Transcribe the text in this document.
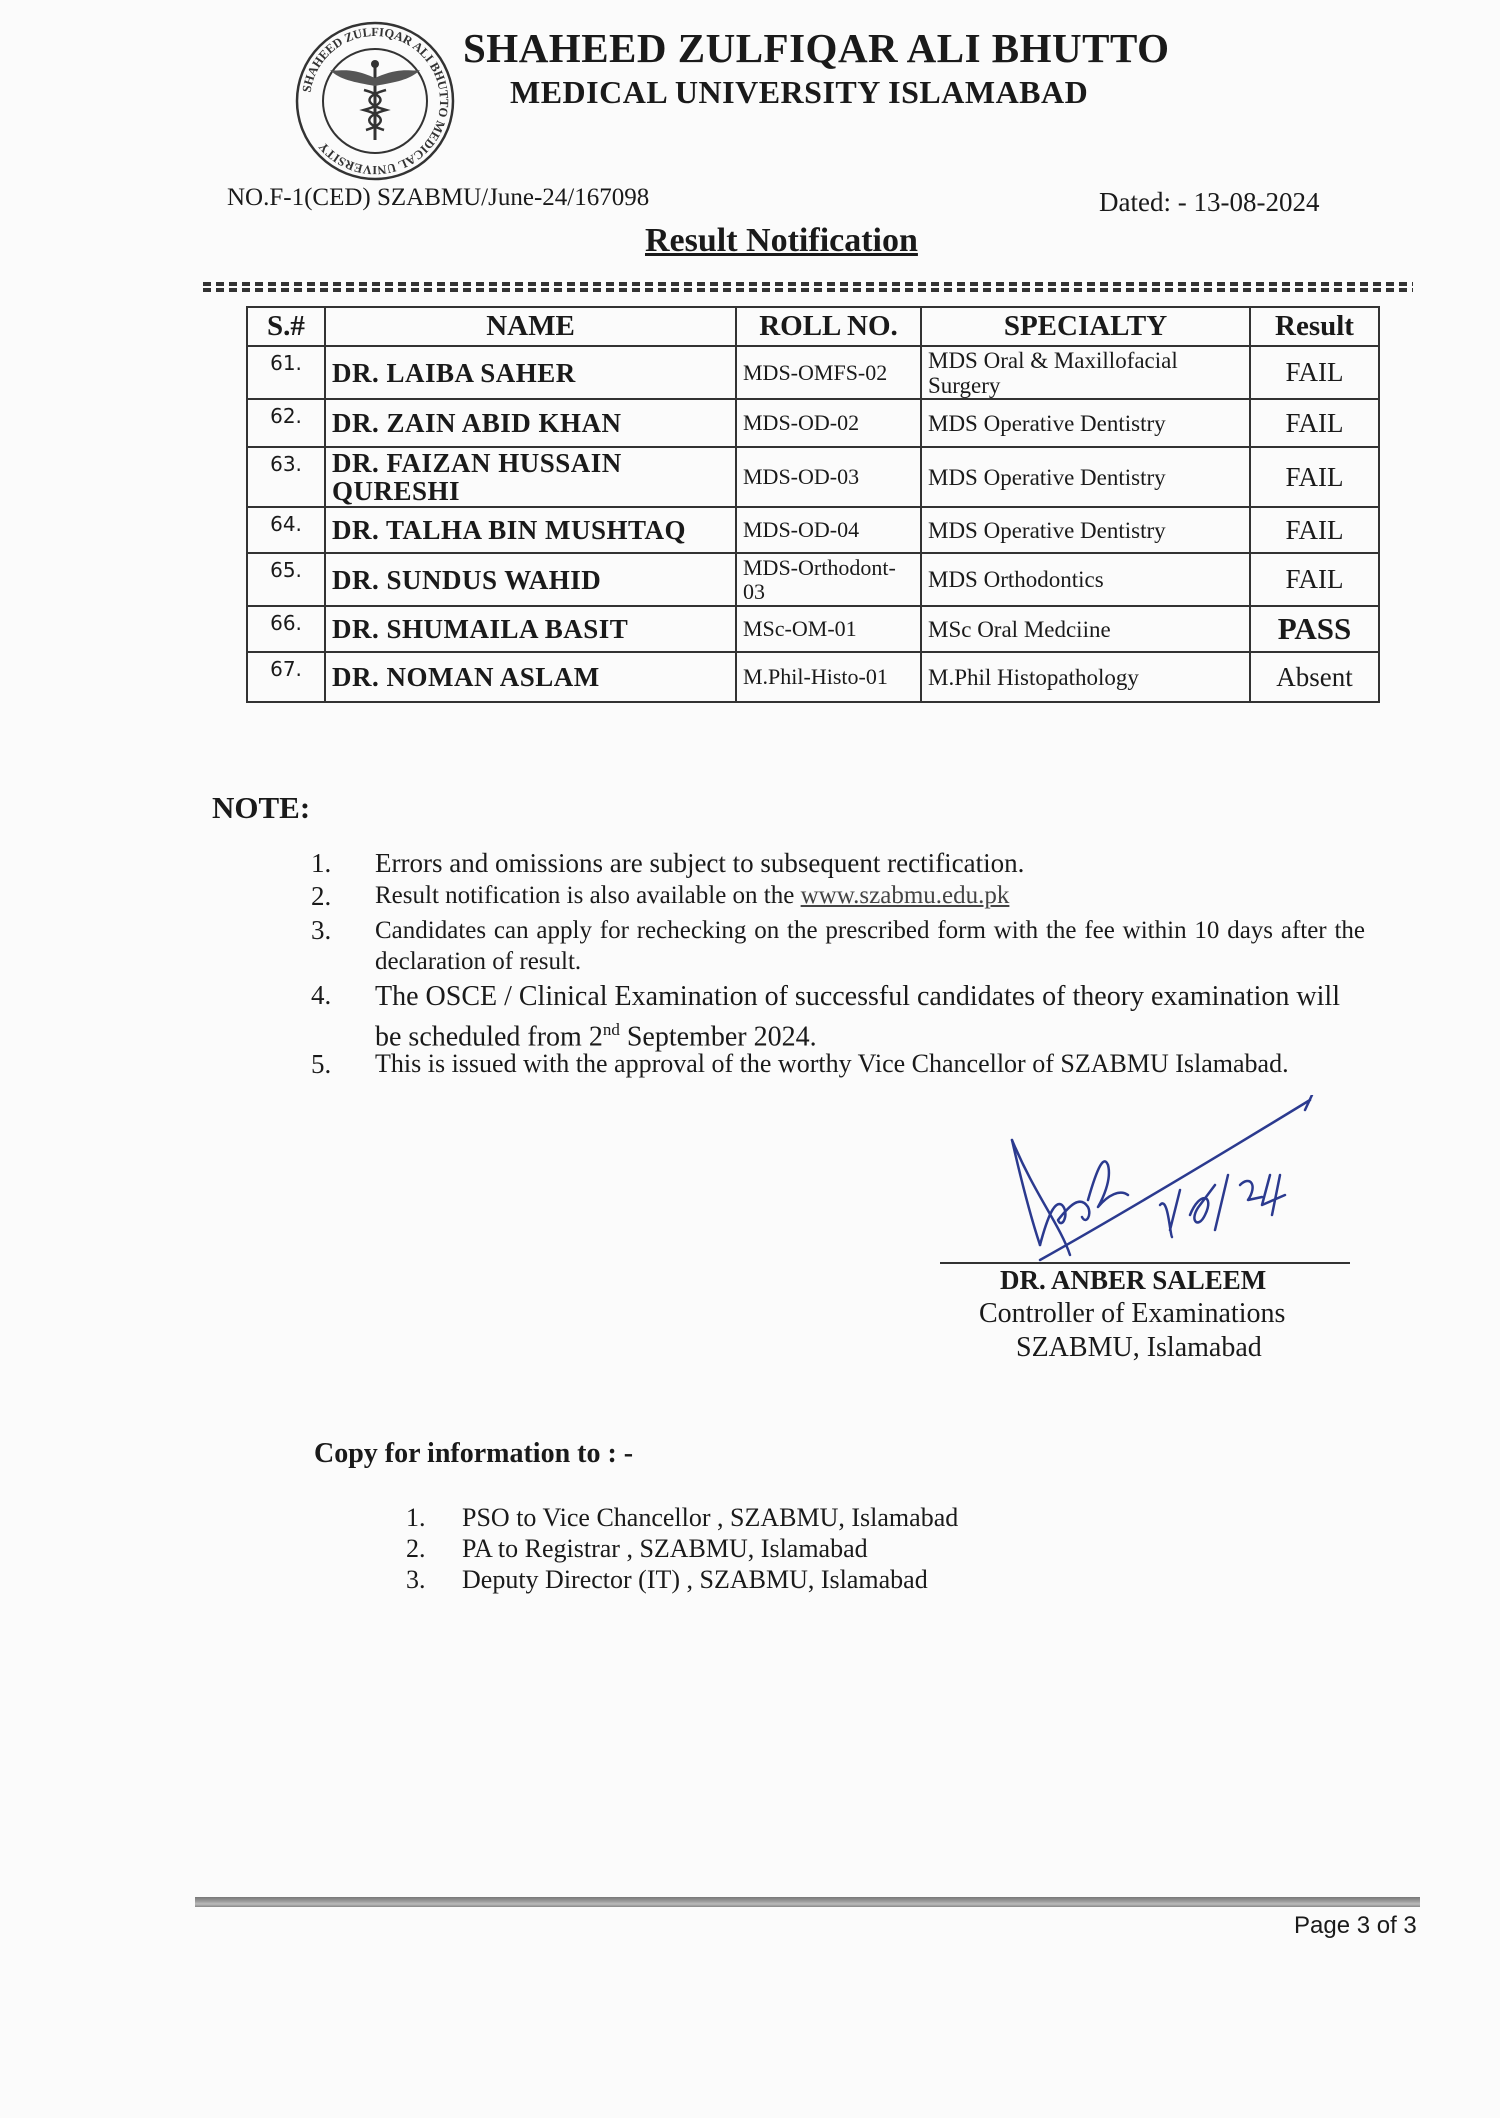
SHAHEED ZULFIQAR ALI BHUTTO MEDICAL UNIVERSITY
SHAHEED ZULFIQAR ALI BHUTTO
MEDICAL UNIVERSITY ISLAMABAD
NO.F-1(CED) SZABMU/June-24/167098	Dated: - 13-08-2024
Result Notification
S.#	NAME	ROLL NO.	SPECIALTY	Result
61.	DR. LAIBA SAHER	MDS-OMFS-02	MDS Oral & Maxillofacial Surgery	FAIL
62.	DR. ZAIN ABID KHAN	MDS-OD-02	MDS Operative Dentistry	FAIL
63.	DR. FAIZAN HUSSAIN QURESHI	MDS-OD-03	MDS Operative Dentistry	FAIL
64.	DR. TALHA BIN MUSHTAQ	MDS-OD-04	MDS Operative Dentistry	FAIL
65.	DR. SUNDUS WAHID	MDS-Orthodont-03	MDS Orthodontics	FAIL
66.	DR. SHUMAILA BASIT	MSc-OM-01	MSc Oral Medciine	PASS
67.	DR. NOMAN ASLAM	M.Phil-Histo-01	M.Phil Histopathology	Absent
NOTE:
1. Errors and omissions are subject to subsequent rectification.
2. Result notification is also available on the www.szabmu.edu.pk
3. Candidates can apply for rechecking on the prescribed form with the fee within 10 days after the declaration of result.
4. The OSCE / Clinical Examination of successful candidates of theory examination will be scheduled from 2nd September 2024.
5. This is issued with the approval of the worthy Vice Chancellor of SZABMU Islamabad.
DR. ANBER SALEEM
Controller of Examinations
SZABMU, Islamabad
Copy for information to : -
1. PSO to Vice Chancellor , SZABMU, Islamabad
2. PA to Registrar , SZABMU, Islamabad
3. Deputy Director (IT) , SZABMU, Islamabad
Page 3 of 3
